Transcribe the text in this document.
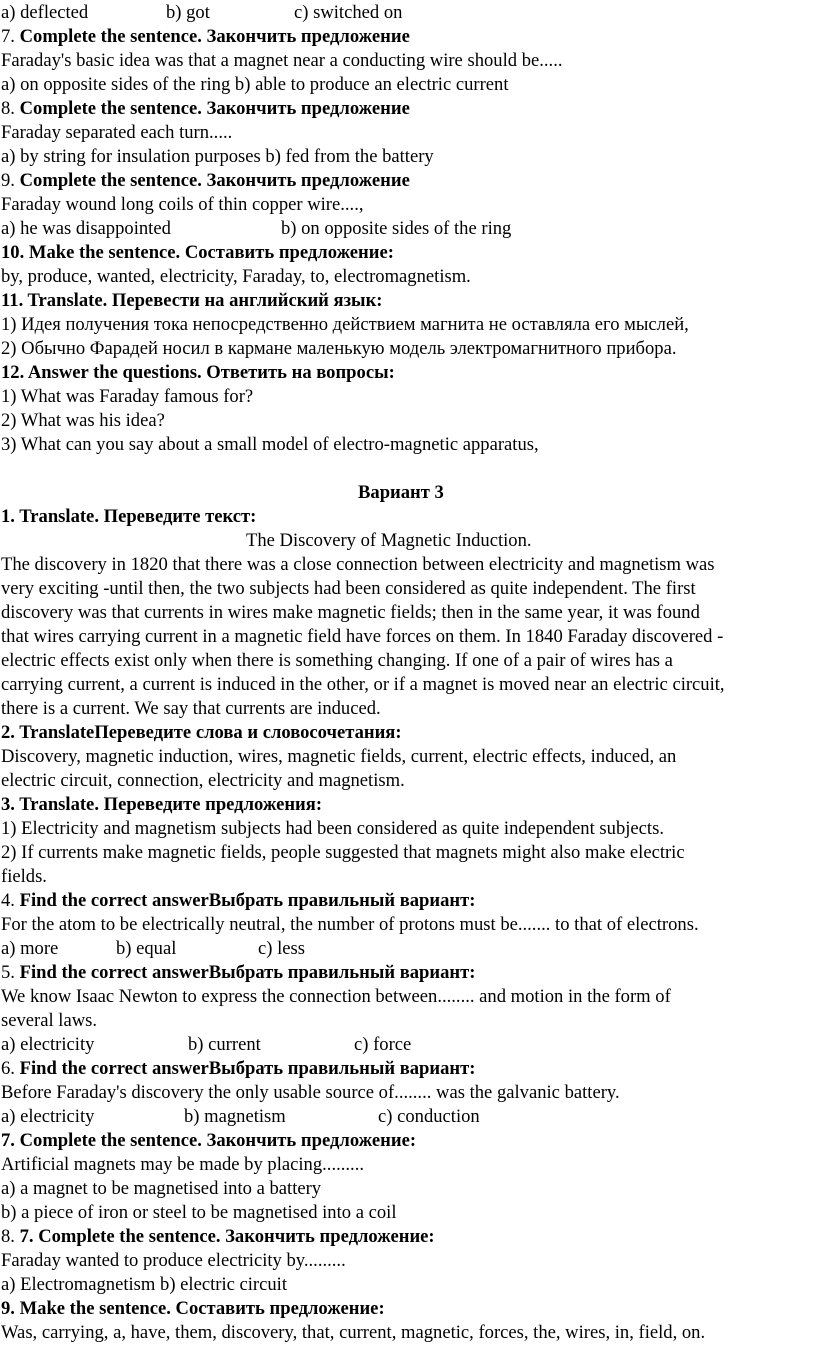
a) deflected	b) got	c) switched on
7. Complete the sentence. Закончить предложение
Faraday's basic idea was that a magnet near a conducting wire should be.....
a) on opposite sides of the ring b) able to produce an electric current
8. Complete the sentence. Закончить предложение
Faraday separated each turn.....
a) by string for insulation purposes b) fed from the battery
9. Complete the sentence. Закончить предложение
Faraday wound long coils of thin copper wire....,
a) he was disappointed	b) on opposite sides of the ring
10. Make the sentence. Составить предложение:
by, produce, wanted, electricity, Faraday, to, electromagnetism.
11. Translate. Перевести на английский язык:
1) Идея получения тока непосредственно действием магнита не оставляла его мыслей,
2) Обычно Фарадей носил в кармане маленькую модель электромагнитного прибора.
12. Answer the questions. Ответить на вопросы:
1) What was Faraday famous for?
2) What was his idea?
3) What can you say about a small model of electro-magnetic apparatus,
Вариант 3
1. Translate. Переведите текст:
The Discovery of Magnetic Induction.
The discovery in 1820 that there was a close connection between electricity and magnetism was
very exciting -until then, the two subjects had been considered as quite independent. The first
discovery was that currents in wires make magnetic fields; then in the same year, it was found
that wires carrying current in a magnetic field have forces on them. In 1840 Faraday discovered -
electric effects exist only when there is something changing. If one of a pair of wires has a
carrying current, a current is induced in the other, or if a magnet is moved near an electric circuit,
there is a current. We say that currents are induced.
2. TranslateПереведите слова и словосочетания:
Discovery, magnetic induction, wires, magnetic fields, current, electric effects, induced, an
electric circuit, connection, electricity and magnetism.
3. Translate. Переведите предложения:
1) Electricity and magnetism subjects had been considered as quite independent subjects.
2) If currents make magnetic fields, people suggested that magnets might also make electric
fields.
4. Find the correct answerВыбрать правильный вариант:
For the atom to be electrically neutral, the number of protons must be....... to that of electrons.
a) more	b) equal	c) less
5. Find the correct answerВыбрать правильный вариант:
We know Isaac Newton to express the connection between........ and motion in the form of
several laws.
a) electricity	b) current	c) force
6. Find the correct answerВыбрать правильный вариант:
Before Faraday's discovery the only usable source of........ was the galvanic battery.
a) electricity	b) magnetism	c) conduction
7. Complete the sentence. Закончить предложение:
Artificial magnets may be made by placing.........
a) a magnet to be magnetised into a battery
b) a piece of iron or steel to be magnetised into a coil
8. 7. Complete the sentence. Закончить предложение:
Faraday wanted to produce electricity by.........
a) Electromagnetism b) electric circuit
9. Make the sentence. Составить предложение:
Was, carrying, a, have, them, discovery, that, current, magnetic, forces, the, wires, in, field, on.
